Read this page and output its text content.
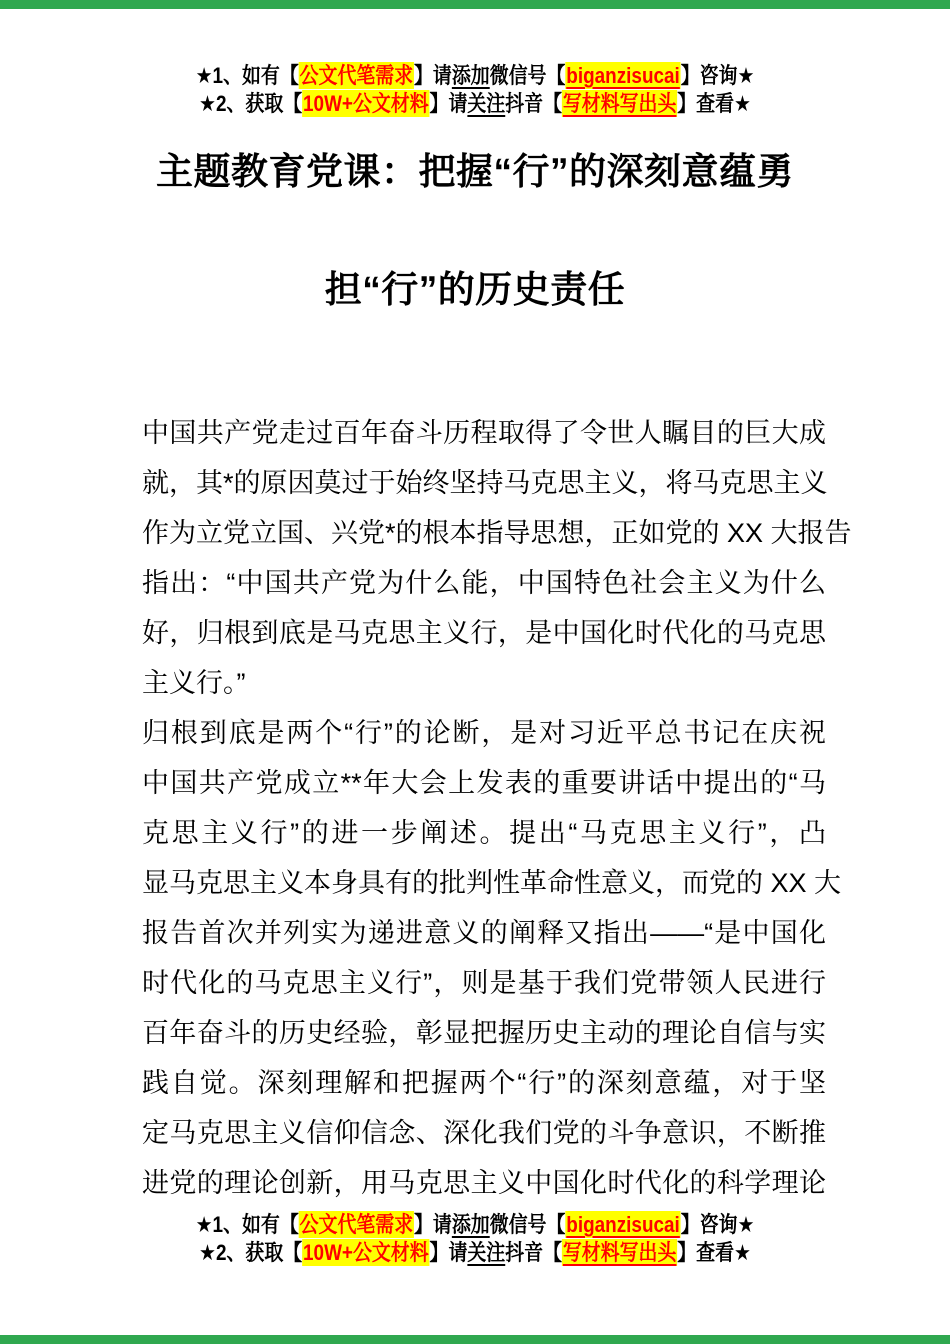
★1、如有【公文代笔需求】请添加微信号【biganzisucai】咨询★
★2、获取【10W+公文材料】请关注抖音【写材料写出头】查看★
主题教育党课：把握“行”的深刻意蕴勇
担“行”的历史责任
中国共产党走过百年奋斗历程取得了令世人瞩目的巨大成
就，其*的原因莫过于始终坚持马克思主义，将马克思主义
作为立党立国、兴党*的根本指导思想，正如党的 XX 大报告
指出：“中国共产党为什么能，中国特色社会主义为什么
好，归根到底是马克思主义行，是中国化时代化的马克思
主义行。”
归根到底是两个“行”的论断，是对习近平总书记在庆祝
中国共产党成立**年大会上发表的重要讲话中提出的“马
克思主义行”的进一步阐述。提出“马克思主义行”，凸
显马克思主义本身具有的批判性革命性意义，而党的 XX 大
报告首次并列实为递进意义的阐释又指出——“是中国化
时代化的马克思主义行”，则是基于我们党带领人民进行
百年奋斗的历史经验，彰显把握历史主动的理论自信与实
践自觉。深刻理解和把握两个“行”的深刻意蕴，对于坚
定马克思主义信仰信念、深化我们党的斗争意识，不断推
进党的理论创新，用马克思主义中国化时代化的科学理论
★1、如有【公文代笔需求】请添加微信号【biganzisucai】咨询★
★2、获取【10W+公文材料】请关注抖音【写材料写出头】查看★
